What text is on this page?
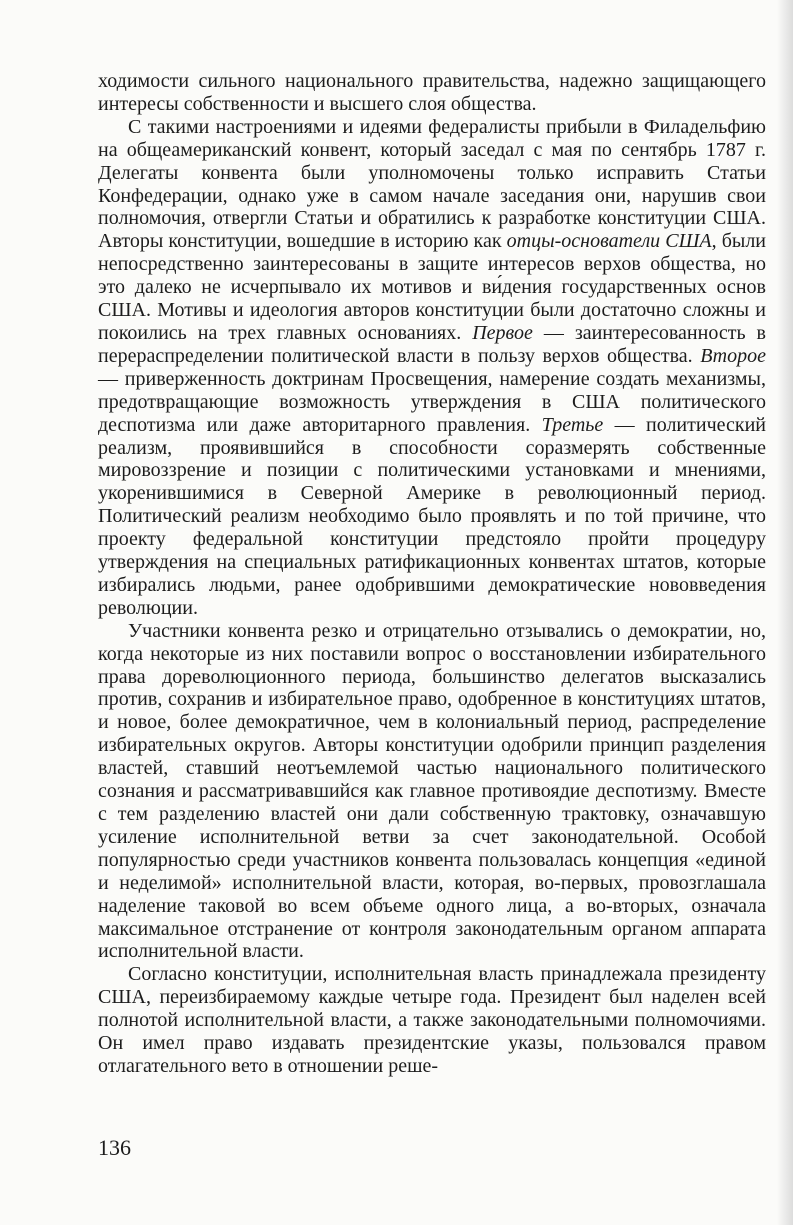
ходимости сильного национального правительства, надежно защищающего интересы собственности и высшего слоя общества.

С такими настроениями и идеями федералисты прибыли в Филадельфию на общеамериканский конвент, который заседал с мая по сентябрь 1787 г. Делегаты конвента были уполномочены только исправить Статьи Конфедерации, однако уже в самом начале заседания они, нарушив свои полномочия, отвергли Статьи и обратились к разработке конституции США. Авторы конституции, вошедшие в историю как отцы-основатели США, были непосредственно заинтересованы в защите интересов верхов общества, но это далеко не исчерпывало их мотивов и ви́дения государственных основ США. Мотивы и идеология авторов конституции были достаточно сложны и покоились на трех главных основаниях. Первое — заинтересованность в перераспределении политической власти в пользу верхов общества. Второе — приверженность доктринам Просвещения, намерение создать механизмы, предотвращающие возможность утверждения в США политического деспотизма или даже авторитарного правления. Третье — политический реализм, проявившийся в способности соразмерять собственные мировоззрение и позиции с политическими установками и мнениями, укоренившимися в Северной Америке в революционный период. Политический реализм необходимо было проявлять и по той причине, что проекту федеральной конституции предстояло пройти процедуру утверждения на специальных ратификационных конвентах штатов, которые избирались людьми, ранее одобрившими демократические нововведения революции.

Участники конвента резко и отрицательно отзывались о демократии, но, когда некоторые из них поставили вопрос о восстановлении избирательного права дореволюционного периода, большинство делегатов высказались против, сохранив и избирательное право, одобренное в конституциях штатов, и новое, более демократичное, чем в колониальный период, распределение избирательных округов. Авторы конституции одобрили принцип разделения властей, ставший неотъемлемой частью национального политического сознания и рассматривавшийся как главное противоядие деспотизму. Вместе с тем разделению властей они дали собственную трактовку, означавшую усиление исполнительной ветви за счет законодательной. Особой популярностью среди участников конвента пользовалась концепция «единой и неделимой» исполнительной власти, которая, во-первых, провозглашала наделение таковой во всем объеме одного лица, а во-вторых, означала максимальное отстранение от контроля законодательным органом аппарата исполнительной власти.

Согласно конституции, исполнительная власть принадлежала президенту США, переизбираемому каждые четыре года. Президент был наделен всей полнотой исполнительной власти, а также законодательными полномочиями. Он имел право издавать президентские указы, пользовался правом отлагательного вето в отношении реше-

136
